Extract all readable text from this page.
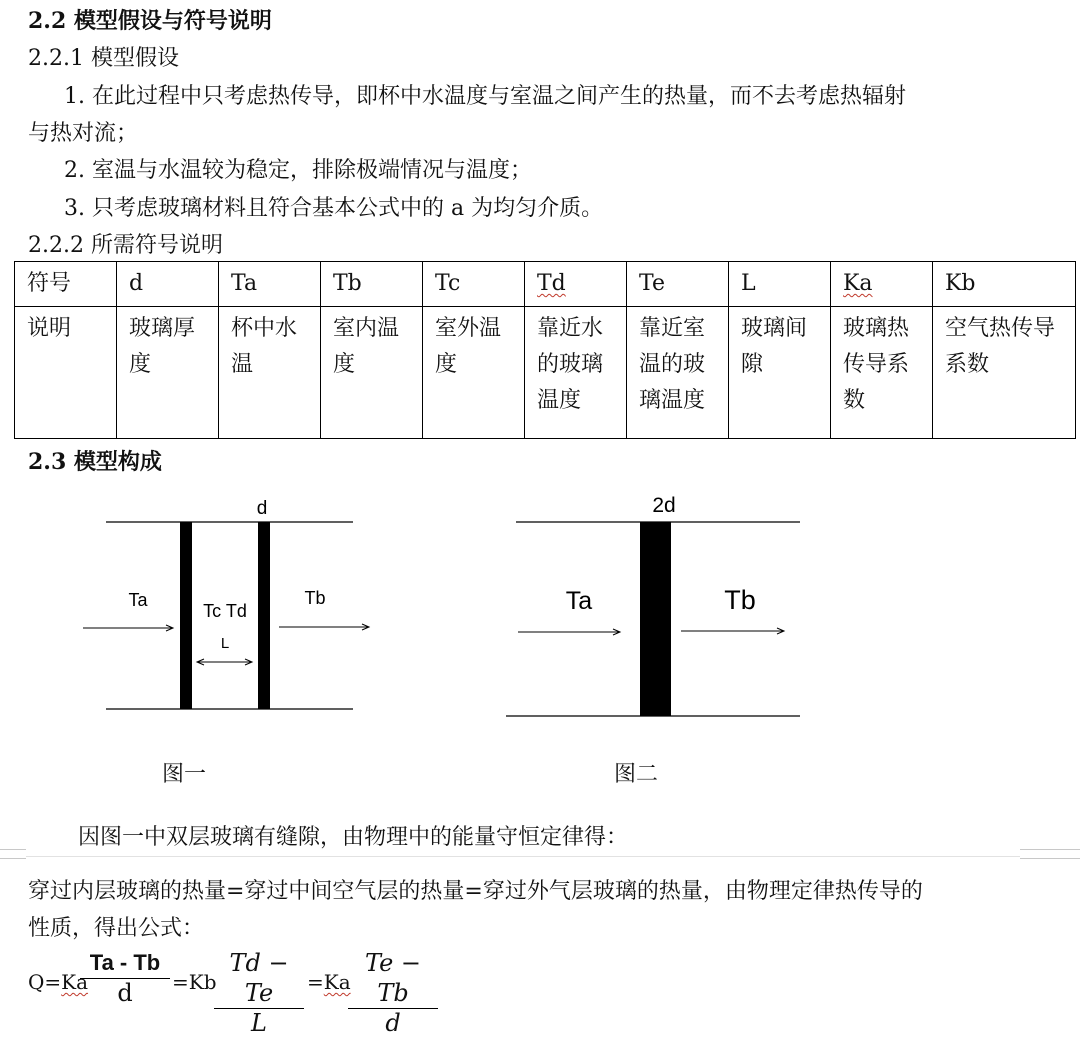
2.2 模型假设与符号说明
2.2.1 模型假设
1. 在此过程中只考虑热传导，即杯中水温度与室温之间产生的热量，而不去考虑热辐射
与热对流；
2. 室温与水温较为稳定，排除极端情况与温度；
3. 只考虑玻璃材料且符合基本公式中的 a 为均匀介质。
2.2.2 所需符号说明
符号	d	Ta	Tb	Tc	Td	Te	L	Ka	Kb
说明	玻璃厚度	杯中水温	室内温度	室外温度	靠近水的玻璃温度	靠近室温的玻璃温度	玻璃间隙	玻璃热传导系数	空气热传导系数
2.3 模型构成
d
Ta
Tc Td
L
Tb
图一
2d
Ta	Tb
图二
因图一中双层玻璃有缝隙，由物理中的能量守恒定律得：
穿过内层玻璃的热量=穿过中间空气层的热量=穿过外气层玻璃的热量，由物理定律热传导的
性质，得出公式：
Q=Ka
Ta - Tb
d	=Kb
Td − Te
L
=Ka
Te − Tb
d
